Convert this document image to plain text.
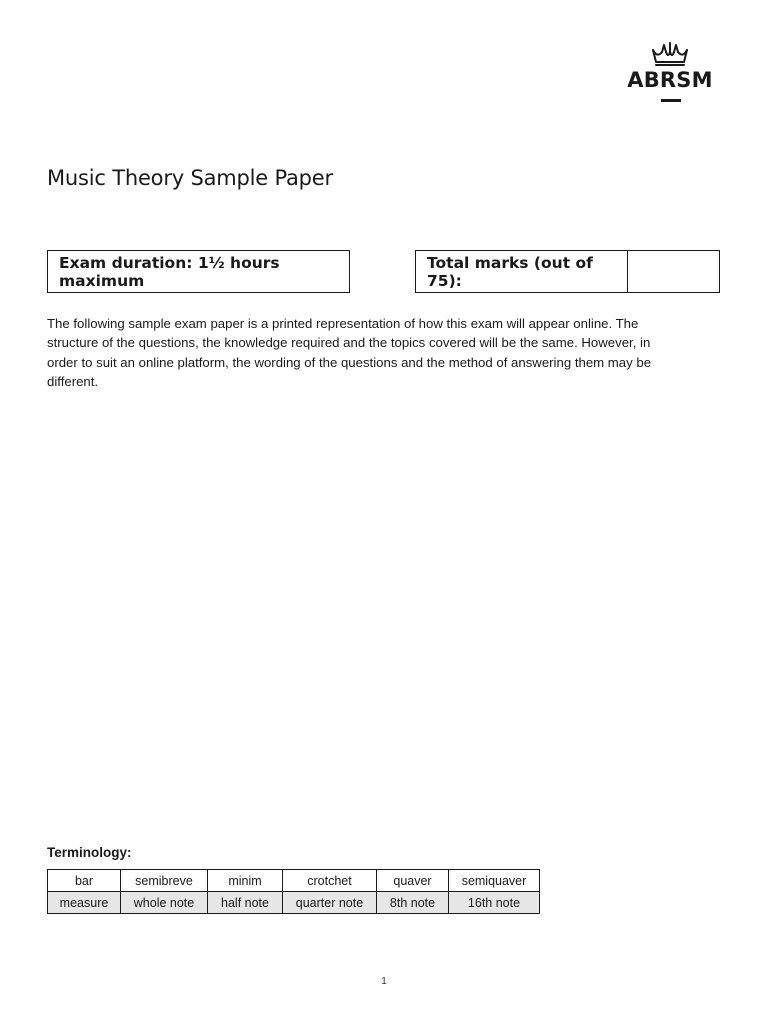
ABRSM
Music Theory Sample Paper
Exam duration: 1½ hours maximum
Total marks (out of 75):

The following sample exam paper is a printed representation of how this exam will appear online. The structure of the questions, the knowledge required and the topics covered will be the same. However, in order to suit an online platform, the wording of the questions and the method of answering them may be different.

Terminology:

bar	semibreve	minim	crotchet	quaver	semiquaver
measure	whole note	half note	quarter note	8th note	16th note
1
